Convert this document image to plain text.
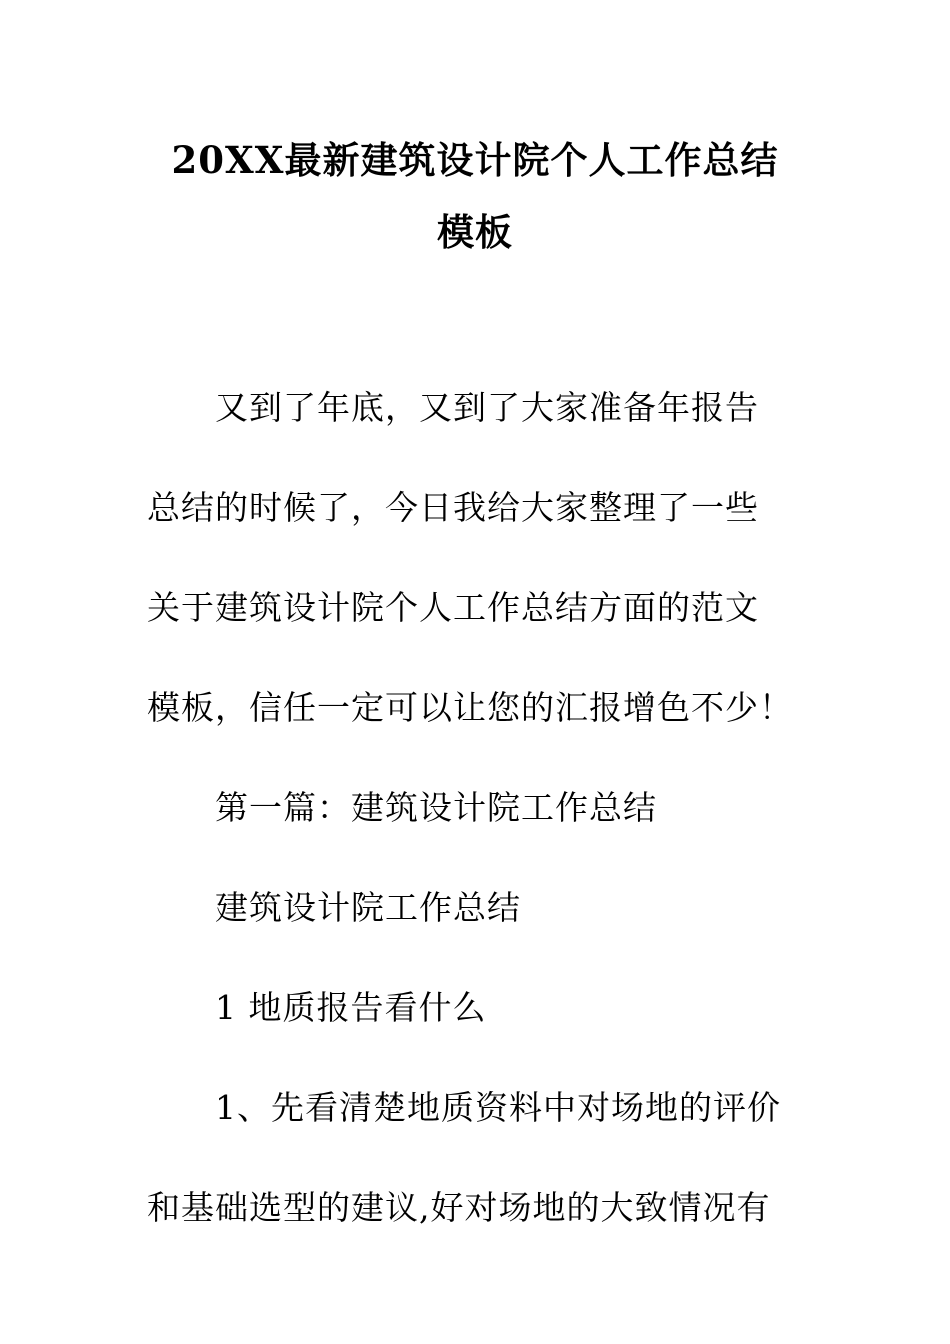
20XX最新建筑设计院个人工作总结
模板
又到了年底，又到了大家准备年报告
总结的时候了，今日我给大家整理了一些
关于建筑设计院个人工作总结方面的范文
模板，信任一定可以让您的汇报增色不少！
第一篇：建筑设计院工作总结
建筑设计院工作总结
1 地质报告看什么
1、先看清楚地质资料中对场地的评价
和基础选型的建议,好对场地的大致情况有
